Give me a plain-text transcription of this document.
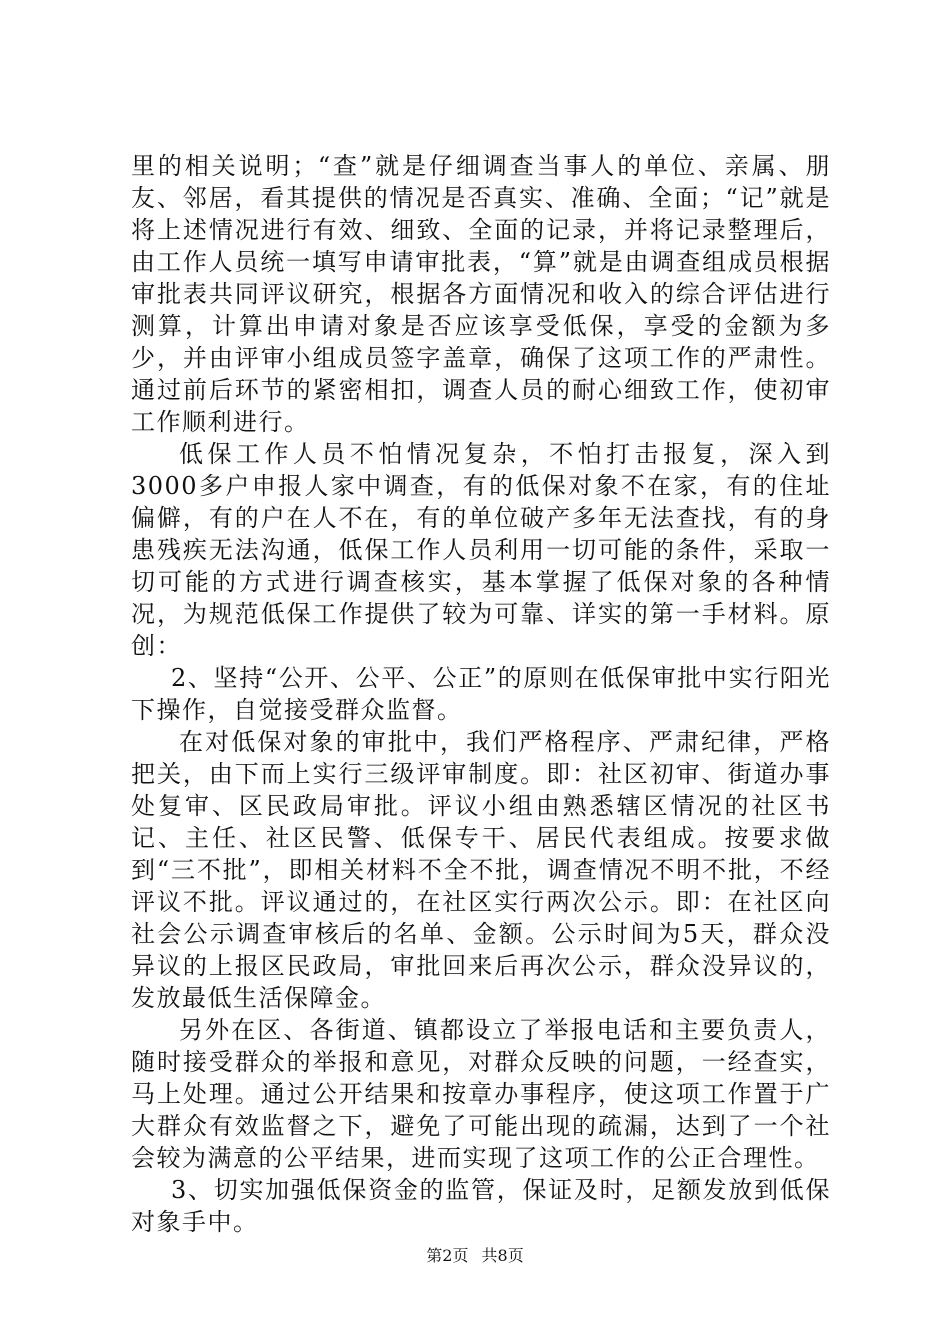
里的相关说明；“查”就是仔细调查当事人的单位、亲属、朋友、邻居，看其提供的情况是否真实、准确、全面；“记”就是将上述情况进行有效、细致、全面的记录，并将记录整理后，由工作人员统一填写申请审批表，“算”就是由调查组成员根据审批表共同评议研究，根据各方面情况和收入的综合评估进行测算，计算出申请对象是否应该享受低保，享受的金额为多少，并由评审小组成员签字盖章，确保了这项工作的严肃性。通过前后环节的紧密相扣，调查人员的耐心细致工作，使初审工作顺利进行。

低保工作人员不怕情况复杂，不怕打击报复，深入到3000多户申报人家中调查，有的低保对象不在家，有的住址偏僻，有的户在人不在，有的单位破产多年无法查找，有的身患残疾无法沟通，低保工作人员利用一切可能的条件，采取一切可能的方式进行调查核实，基本掌握了低保对象的各种情况，为规范低保工作提供了较为可靠、详实的第一手材料。原创：

2、坚持“公开、公平、公正”的原则在低保审批中实行阳光下操作，自觉接受群众监督。

在对低保对象的审批中，我们严格程序、严肃纪律，严格把关，由下而上实行三级评审制度。即：社区初审、街道办事处复审、区民政局审批。评议小组由熟悉辖区情况的社区书记、主任、社区民警、低保专干、居民代表组成。按要求做到“三不批”，即相关材料不全不批，调查情况不明不批，不经评议不批。评议通过的，在社区实行两次公示。即：在社区向社会公示调查审核后的名单、金额。公示时间为5天，群众没异议的上报区民政局，审批回来后再次公示，群众没异议的，发放最低生活保障金。

另外在区、各街道、镇都设立了举报电话和主要负责人，随时接受群众的举报和意见，对群众反映的问题，一经查实，马上处理。通过公开结果和按章办事程序，使这项工作置于广大群众有效监督之下，避免了可能出现的疏漏，达到了一个社会较为满意的公平结果，进而实现了这项工作的公正合理性。

3、切实加强低保资金的监管，保证及时，足额发放到低保对象手中。

第2页 共8页
